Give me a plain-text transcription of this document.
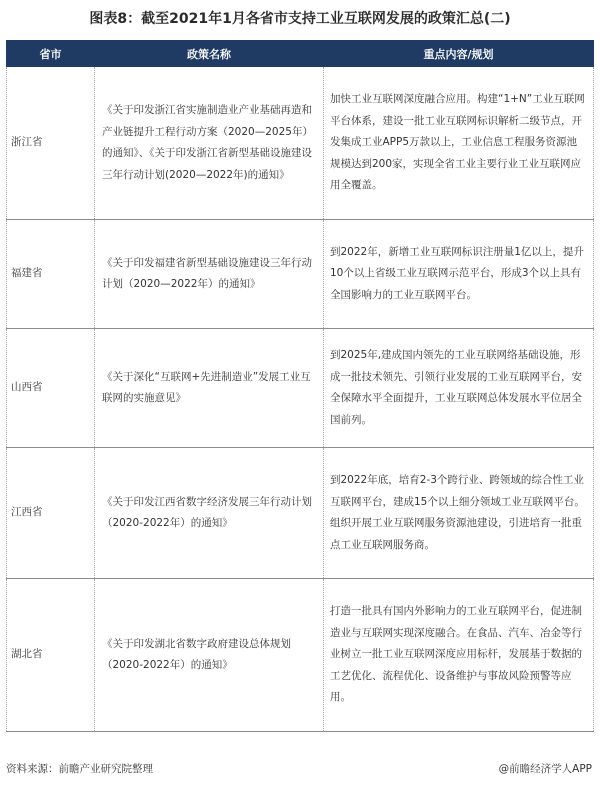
图表8：截至2021年1月各省市支持工业互联网发展的政策汇总(二)
省市	政策名称	重点内容/规划
浙江省	《关于印发浙江省实施制造业产业基础再造和产业链提升工程行动方案（2020—2025年）的通知》、《关于印发浙江省新型基础设施建设三年行动计划(2020—2022年)的通知》	加快工业互联网深度融合应用。构建“1+N”工业互联网平台体系，建设一批工业互联网标识解析二级节点，开发集成工业APP5万款以上，工业信息工程服务资源池规模达到200家，实现全省工业主要行业工业互联网应用全覆盖。
福建省	《关于印发福建省新型基础设施建设三年行动计划（2020—2022年）的通知》	到2022年，新增工业互联网标识注册量1亿以上，提升10个以上省级工业互联网示范平台，形成3个以上具有全国影响力的工业互联网平台。
山西省	《关于深化“互联网+先进制造业”发展工业互联网的实施意见》	到2025年,建成国内领先的工业互联网络基础设施，形成一批技术领先、引领行业发展的工业互联网平台，安全保障水平全面提升，工业互联网总体发展水平位居全国前列。
江西省	《关于印发江西省数字经济发展三年行动计划（2020-2022年）的通知》	到2022年底，培育2-3个跨行业、跨领域的综合性工业互联网平台，建成15个以上细分领域工业互联网平台。组织开展工业互联网服务资源池建设，引进培育一批重点工业互联网服务商。
湖北省	《关于印发湖北省数字政府建设总体规划（2020-2022年）的通知》	打造一批具有国内外影响力的工业互联网平台，促进制造业与互联网实现深度融合。在食品、汽车、冶金等行业树立一批工业互联网深度应用标杆，发展基于数据的工艺优化、流程优化、设备维护与事故风险预警等应用。
资料来源：前瞻产业研究院整理	@前瞻经济学人APP
